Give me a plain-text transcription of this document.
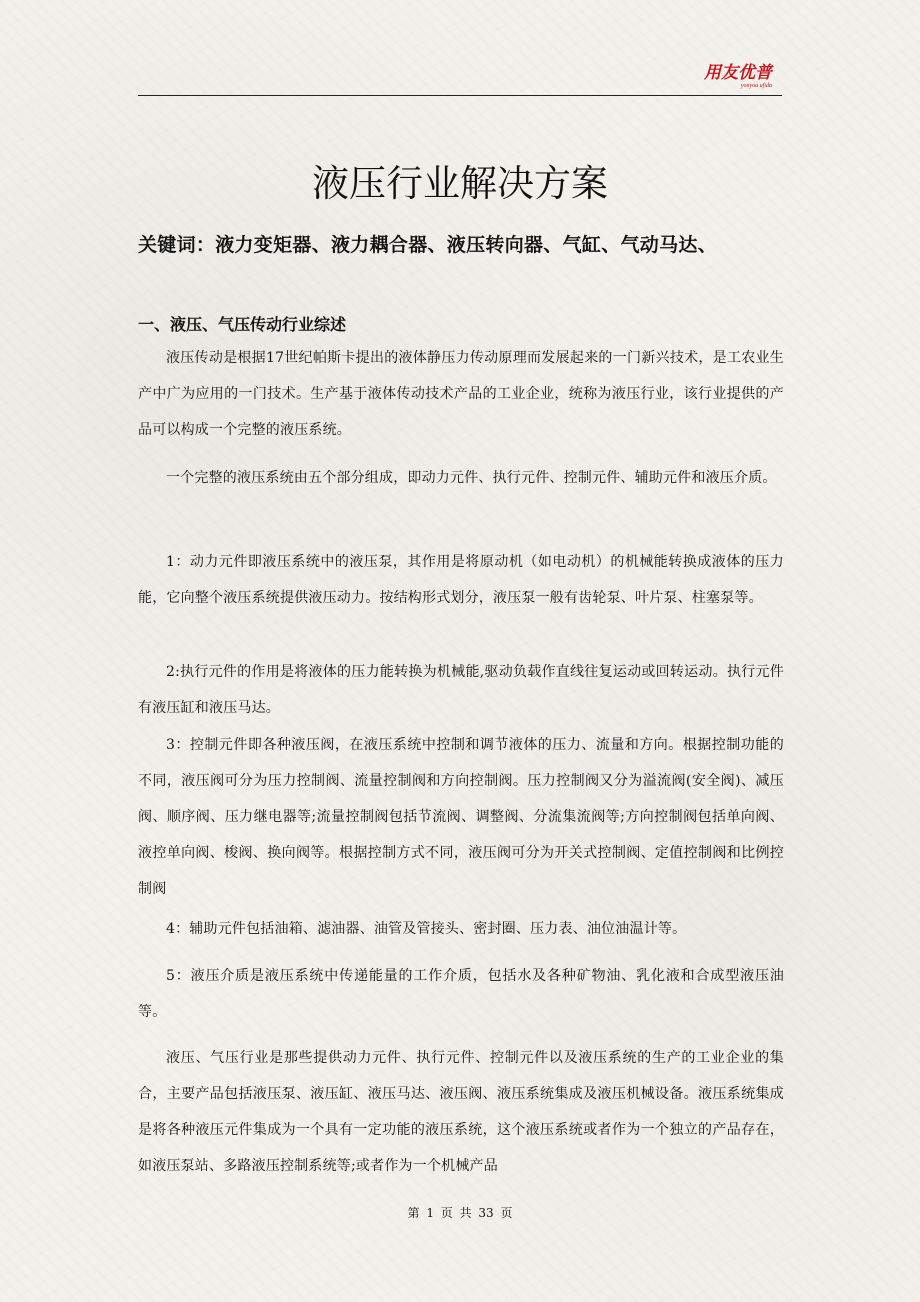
用友优普
yonyou ufida
液压行业解决方案

关键词：液力变矩器、液力耦合器、液压转向器、气缸、气动马达、

一、液压、气压传动行业综述

液压传动是根据17世纪帕斯卡提出的液体静压力传动原理而发展起来的一门新兴技术，是工农业生产中广为应用的一门技术。生产基于液体传动技术产品的工业企业，统称为液压行业，该行业提供的产品可以构成一个完整的液压系统。

一个完整的液压系统由五个部分组成，即动力元件、执行元件、控制元件、辅助元件和液压介质。

1：动力元件即液压系统中的液压泵，其作用是将原动机（如电动机）的机械能转换成液体的压力能，它向整个液压系统提供液压动力。按结构形式划分，液压泵一般有齿轮泵、叶片泵、柱塞泵等。

2:执行元件的作用是将液体的压力能转换为机械能,驱动负载作直线往复运动或回转运动。执行元件有液压缸和液压马达。

3：控制元件即各种液压阀，在液压系统中控制和调节液体的压力、流量和方向。根据控制功能的不同，液压阀可分为压力控制阀、流量控制阀和方向控制阀。压力控制阀又分为溢流阀(安全阀)、减压阀、顺序阀、压力继电器等;流量控制阀包括节流阀、调整阀、分流集流阀等;方向控制阀包括单向阀、液控单向阀、梭阀、换向阀等。根据控制方式不同，液压阀可分为开关式控制阀、定值控制阀和比例控制阀

4：辅助元件包括油箱、滤油器、油管及管接头、密封圈、压力表、油位油温计等。

5：液压介质是液压系统中传递能量的工作介质，包括水及各种矿物油、乳化液和合成型液压油等。

液压、气压行业是那些提供动力元件、执行元件、控制元件以及液压系统的生产的工业企业的集合，主要产品包括液压泵、液压缸、液压马达、液压阀、液压系统集成及液压机械设备。液压系统集成是将各种液压元件集成为一个具有一定功能的液压系统，这个液压系统或者作为一个独立的产品存在，如液压泵站、多路液压控制系统等;或者作为一个机械产品

第 1 页 共 33 页
